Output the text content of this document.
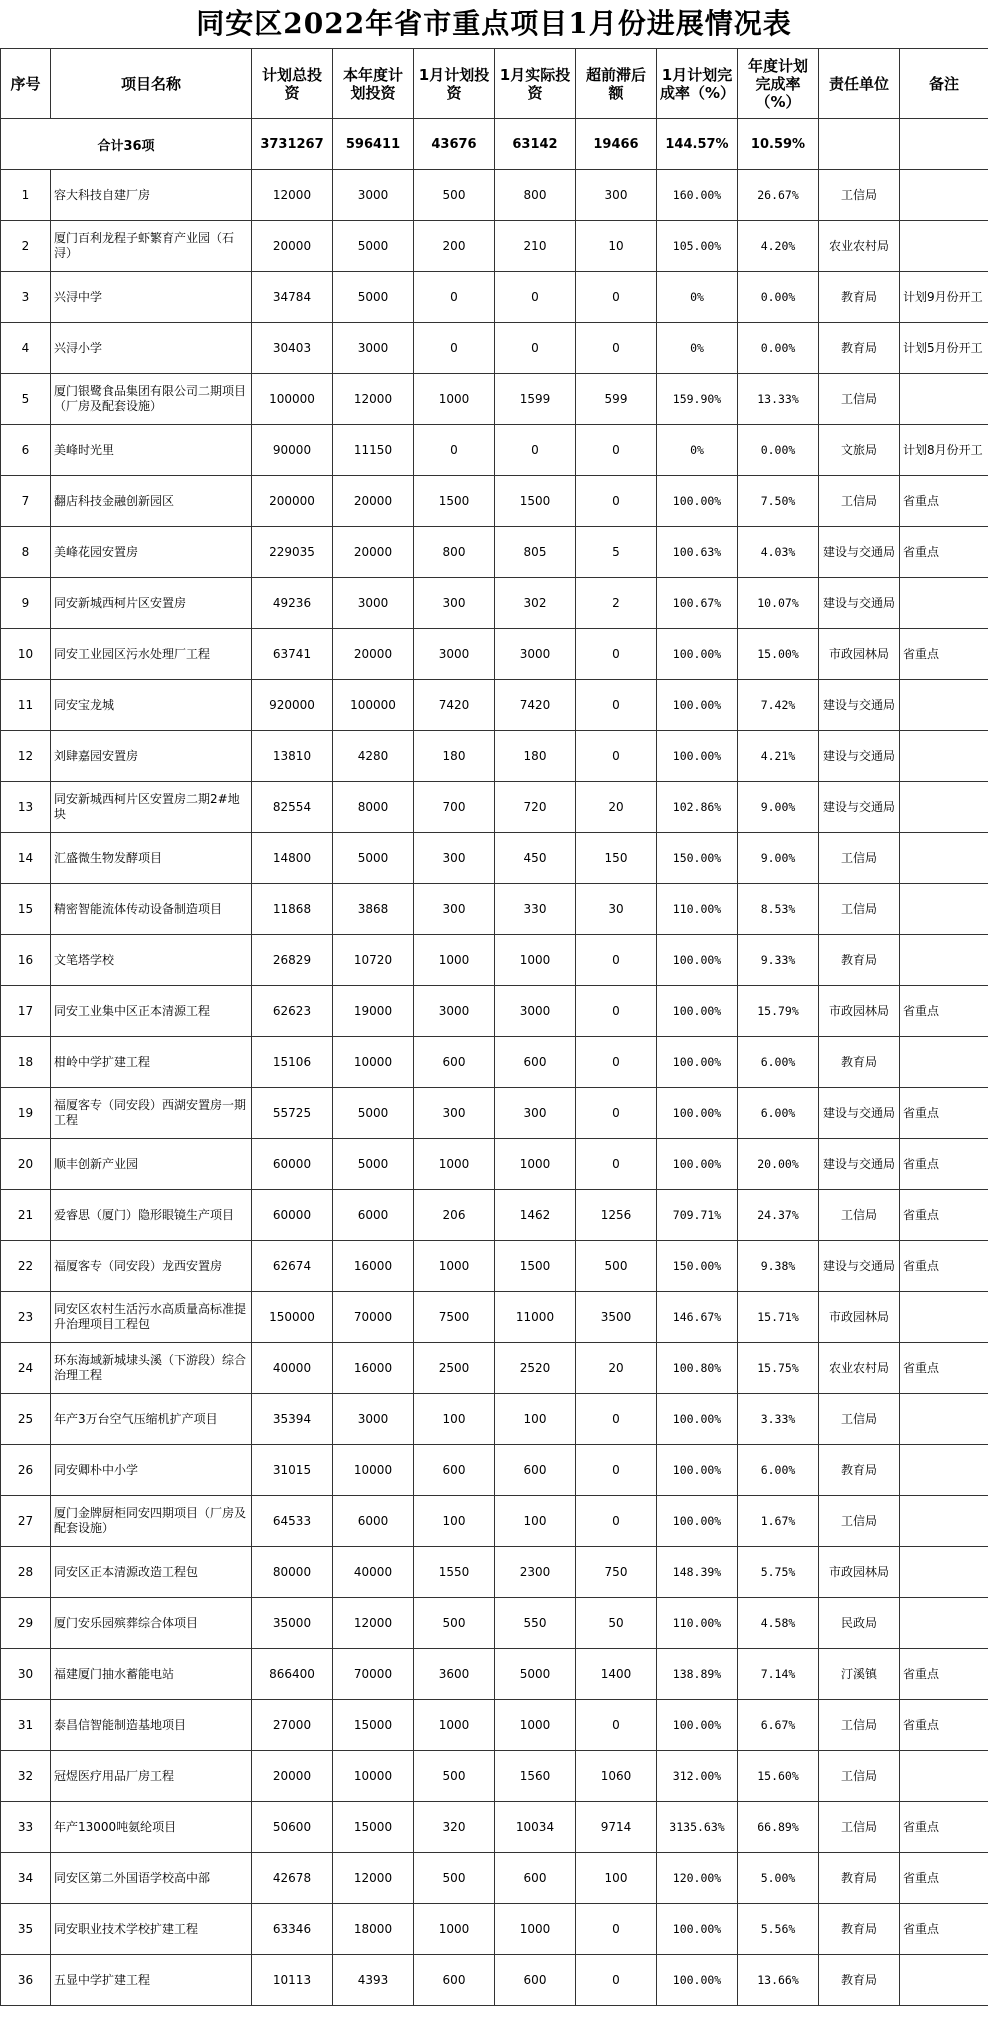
同安区2022年省市重点项目1月份进展情况表
序号	项目名称	计划总投资	本年度计划投资	1月计划投资	1月实际投资	超前滞后额	1月计划完成率（%）	年度计划完成率（%）	责任单位	备注
合计36项		3731267	596411	43676	63142	19466	144.57%	10.59%		
1	容大科技自建厂房	12000	3000	500	800	300	160.00%	26.67%	工信局	
2	厦门百利龙程子虾繁育产业园（石浔）	20000	5000	200	210	10	105.00%	4.20%	农业农村局	
3	兴浔中学	34784	5000	0	0	0	0%	0.00%	教育局	计划9月份开工
4	兴浔小学	30403	3000	0	0	0	0%	0.00%	教育局	计划5月份开工
5	厦门银鹭食品集团有限公司二期项目（厂房及配套设施）	100000	12000	1000	1599	599	159.90%	13.33%	工信局	
6	美峰时光里	90000	11150	0	0	0	0%	0.00%	文旅局	计划8月份开工
7	翻店科技金融创新园区	200000	20000	1500	1500	0	100.00%	7.50%	工信局	省重点
8	美峰花园安置房	229035	20000	800	805	5	100.63%	4.03%	建设与交通局	省重点
9	同安新城西柯片区安置房	49236	3000	300	302	2	100.67%	10.07%	建设与交通局	
10	同安工业园区污水处理厂工程	63741	20000	3000	3000	0	100.00%	15.00%	市政园林局	省重点
11	同安宝龙城	920000	100000	7420	7420	0	100.00%	7.42%	建设与交通局	
12	刘肆嘉园安置房	13810	4280	180	180	0	100.00%	4.21%	建设与交通局	
13	同安新城西柯片区安置房二期2#地块	82554	8000	700	720	20	102.86%	9.00%	建设与交通局	
14	汇盛微生物发酵项目	14800	5000	300	450	150	150.00%	9.00%	工信局	
15	精密智能流体传动设备制造项目	11868	3868	300	330	30	110.00%	8.53%	工信局	
16	文笔塔学校	26829	10720	1000	1000	0	100.00%	9.33%	教育局	
17	同安工业集中区正本清源工程	62623	19000	3000	3000	0	100.00%	15.79%	市政园林局	省重点
18	柑岭中学扩建工程	15106	10000	600	600	0	100.00%	6.00%	教育局	
19	福厦客专（同安段）西湖安置房一期工程	55725	5000	300	300	0	100.00%	6.00%	建设与交通局	省重点
20	顺丰创新产业园	60000	5000	1000	1000	0	100.00%	20.00%	建设与交通局	省重点
21	爱睿思（厦门）隐形眼镜生产项目	60000	6000	206	1462	1256	709.71%	24.37%	工信局	省重点
22	福厦客专（同安段）龙西安置房	62674	16000	1000	1500	500	150.00%	9.38%	建设与交通局	省重点
23	同安区农村生活污水高质量高标准提升治理项目工程包	150000	70000	7500	11000	3500	146.67%	15.71%	市政园林局	
24	环东海域新城埭头溪（下游段）综合治理工程	40000	16000	2500	2520	20	100.80%	15.75%	农业农村局	省重点
25	年产3万台空气压缩机扩产项目	35394	3000	100	100	0	100.00%	3.33%	工信局	
26	同安卿朴中小学	31015	10000	600	600	0	100.00%	6.00%	教育局	
27	厦门金牌厨柜同安四期项目（厂房及配套设施）	64533	6000	100	100	0	100.00%	1.67%	工信局	
28	同安区正本清源改造工程包	80000	40000	1550	2300	750	148.39%	5.75%	市政园林局	
29	厦门安乐园殡葬综合体项目	35000	12000	500	550	50	110.00%	4.58%	民政局	
30	福建厦门抽水蓄能电站	866400	70000	3600	5000	1400	138.89%	7.14%	汀溪镇	省重点
31	泰昌信智能制造基地项目	27000	15000	1000	1000	0	100.00%	6.67%	工信局	省重点
32	冠煜医疗用品厂房工程	20000	10000	500	1560	1060	312.00%	15.60%	工信局	
33	年产13000吨氨纶项目	50600	15000	320	10034	9714	3135.63%	66.89%	工信局	省重点
34	同安区第二外国语学校高中部	42678	12000	500	600	100	120.00%	5.00%	教育局	省重点
35	同安职业技术学校扩建工程	63346	18000	1000	1000	0	100.00%	5.56%	教育局	省重点
36	五显中学扩建工程	10113	4393	600	600	0	100.00%	13.66%	教育局	
